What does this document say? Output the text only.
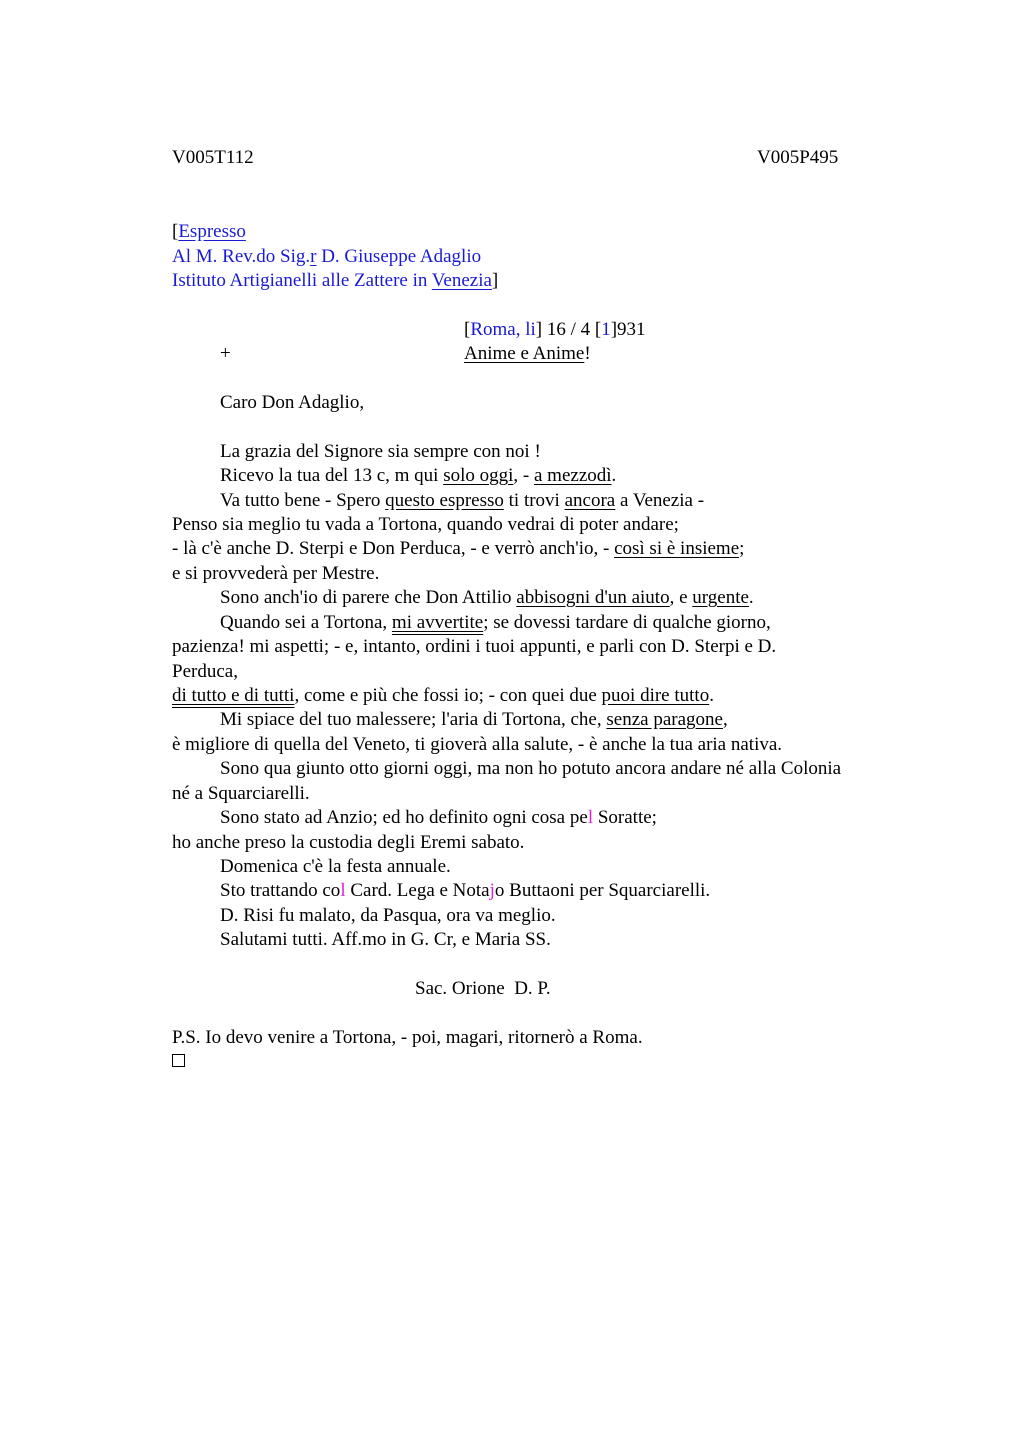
V005T112	V005P495
[Espresso
Al M. Rev.do Sig.r D. Giuseppe Adaglio
Istituto Artigianelli alle Zattere in Venezia]
[Roma, li] 16 / 4 [1]931
+	Anime e Anime!
Caro Don Adaglio,
La grazia del Signore sia sempre con noi !
Ricevo la tua del 13 c, m qui solo oggi, - a mezzodì.
Va tutto bene - Spero questo espresso ti trovi ancora a Venezia -
Penso sia meglio tu vada a Tortona, quando vedrai di poter andare;
- là c'è anche D. Sterpi e Don Perduca, - e verrò anch'io, - così si è insieme;
e si provvederà per Mestre.
Sono anch'io di parere che Don Attilio abbisogni d'un aiuto, e urgente.
Quando sei a Tortona, mi avvertite; se dovessi tardare di qualche giorno,
pazienza! mi aspetti; - e, intanto, ordini i tuoi appunti, e parli con D. Sterpi e D.
Perduca,
di tutto e di tutti, come e più che fossi io; - con quei due puoi dire tutto.
Mi spiace del tuo malessere; l'aria di Tortona, che, senza paragone,
è migliore di quella del Veneto, ti gioverà alla salute, - è anche la tua aria nativa.
Sono qua giunto otto giorni oggi, ma non ho potuto ancora andare né alla Colonia
né a Squarciarelli.
Sono stato ad Anzio; ed ho definito ogni cosa pel Soratte;
ho anche preso la custodia degli Eremi sabato.
Domenica c'è la festa annuale.
Sto trattando col Card. Lega e Notajo Buttaoni per Squarciarelli.
D. Risi fu malato, da Pasqua, ora va meglio.
Salutami tutti. Aff.mo in G. Cr, e Maria SS.
Sac. Orione  D. P.
P.S. Io devo venire a Tortona, - poi, magari, ritornerò a Roma.
